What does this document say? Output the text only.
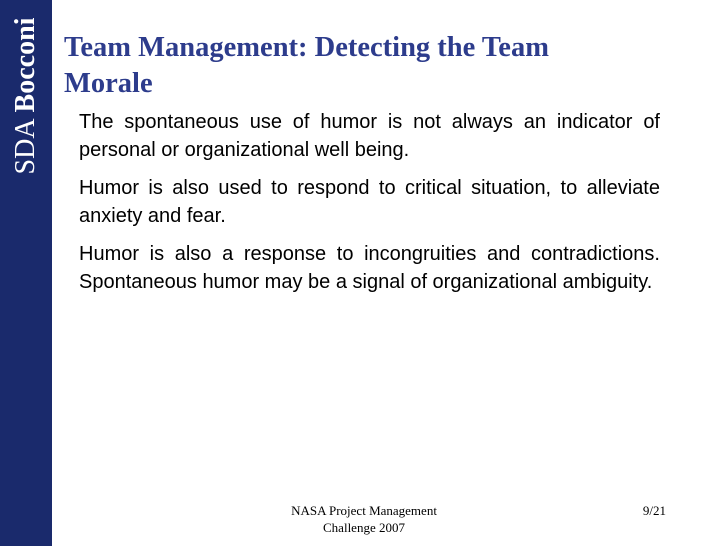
SDABocconi Team Management: Detecting the Team
Morale

The spontaneous use of humor is not always an indicator of personal or organizational well being.

Humor is also used to respond to critical situation, to alleviate anxiety and fear.

Humor is also a response to incongruities and contradictions. Spontaneous humor may be a signal of organizational ambiguity.

NASA Project Management
Challenge 2007
9/21
